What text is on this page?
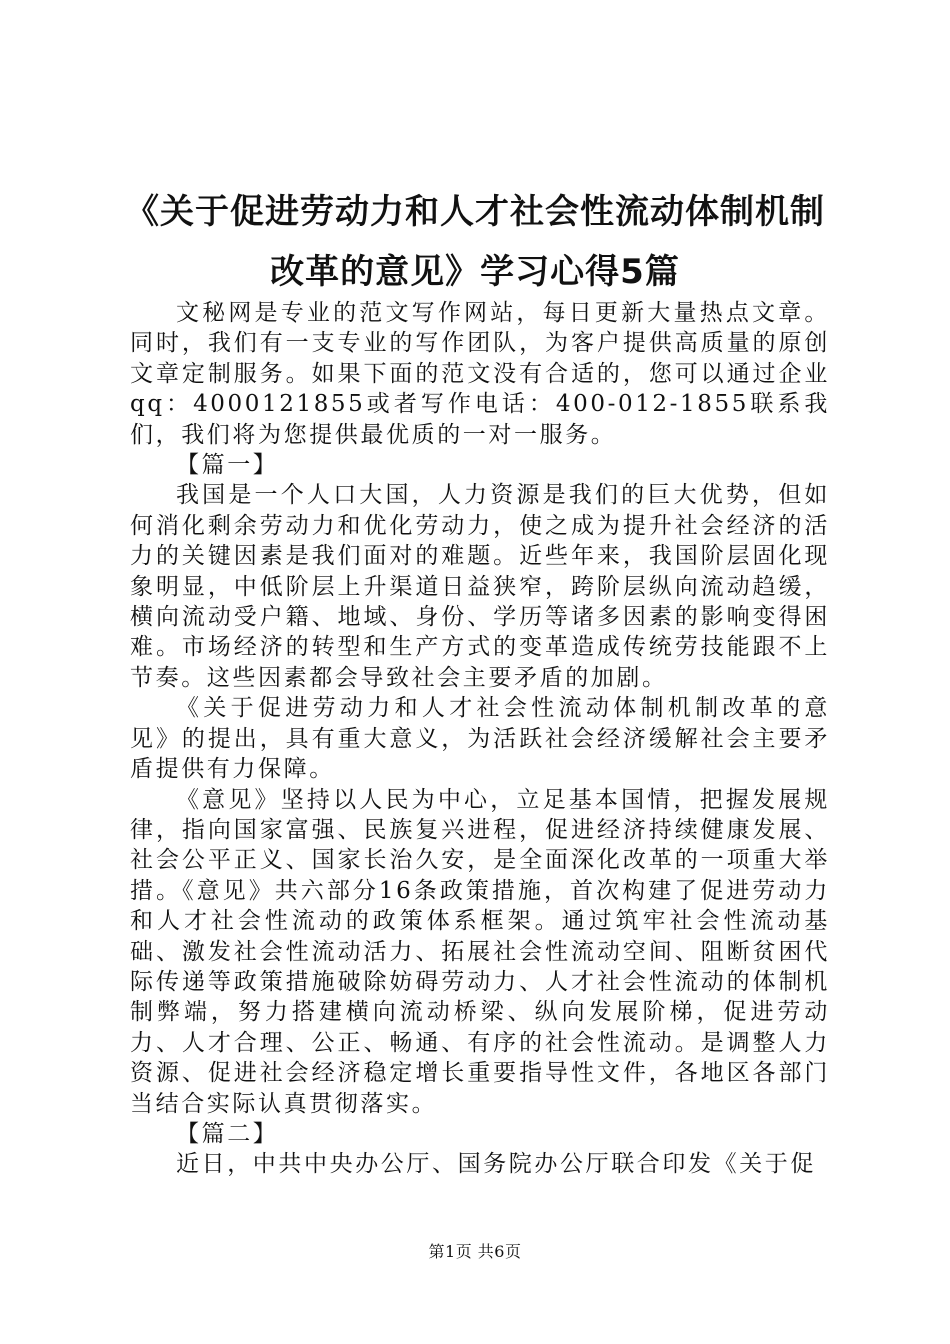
《关于促进劳动力和人才社会性流动体制机制
改革的意见》学习心得5篇

文秘网是专业的范文写作网站，每日更新大量热点文章。同时，我们有一支专业的写作团队，为客户提供高质量的原创文章定制服务。如果下面的范文没有合适的，您可以通过企业qq：4000121855或者写作电话：400-012-1855联系我们，我们将为您提供最优质的一对一服务。

【篇一】

我国是一个人口大国，人力资源是我们的巨大优势，但如何消化剩余劳动力和优化劳动力，使之成为提升社会经济的活力的关键因素是我们面对的难题。近些年来，我国阶层固化现象明显，中低阶层上升渠道日益狭窄，跨阶层纵向流动趋缓，横向流动受户籍、地域、身份、学历等诸多因素的影响变得困难。市场经济的转型和生产方式的变革造成传统劳技能跟不上节奏。这些因素都会导致社会主要矛盾的加剧。

《关于促进劳动力和人才社会性流动体制机制改革的意见》的提出，具有重大意义，为活跃社会经济缓解社会主要矛盾提供有力保障。

《意见》坚持以人民为中心，立足基本国情，把握发展规律，指向国家富强、民族复兴进程，促进经济持续健康发展、社会公平正义、国家长治久安，是全面深化改革的一项重大举措。《意见》共六部分16条政策措施，首次构建了促进劳动力和人才社会性流动的政策体系框架。通过筑牢社会性流动基础、激发社会性流动活力、拓展社会性流动空间、阻断贫困代际传递等政策措施破除妨碍劳动力、人才社会性流动的体制机制弊端，努力搭建横向流动桥梁、纵向发展阶梯，促进劳动力、人才合理、公正、畅通、有序的社会性流动。是调整人力资源、促进社会经济稳定增长重要指导性文件，各地区各部门当结合实际认真贯彻落实。

【篇二】

近日，中共中央办公厅、国务院办公厅联合印发《关于促

第1页 共6页
